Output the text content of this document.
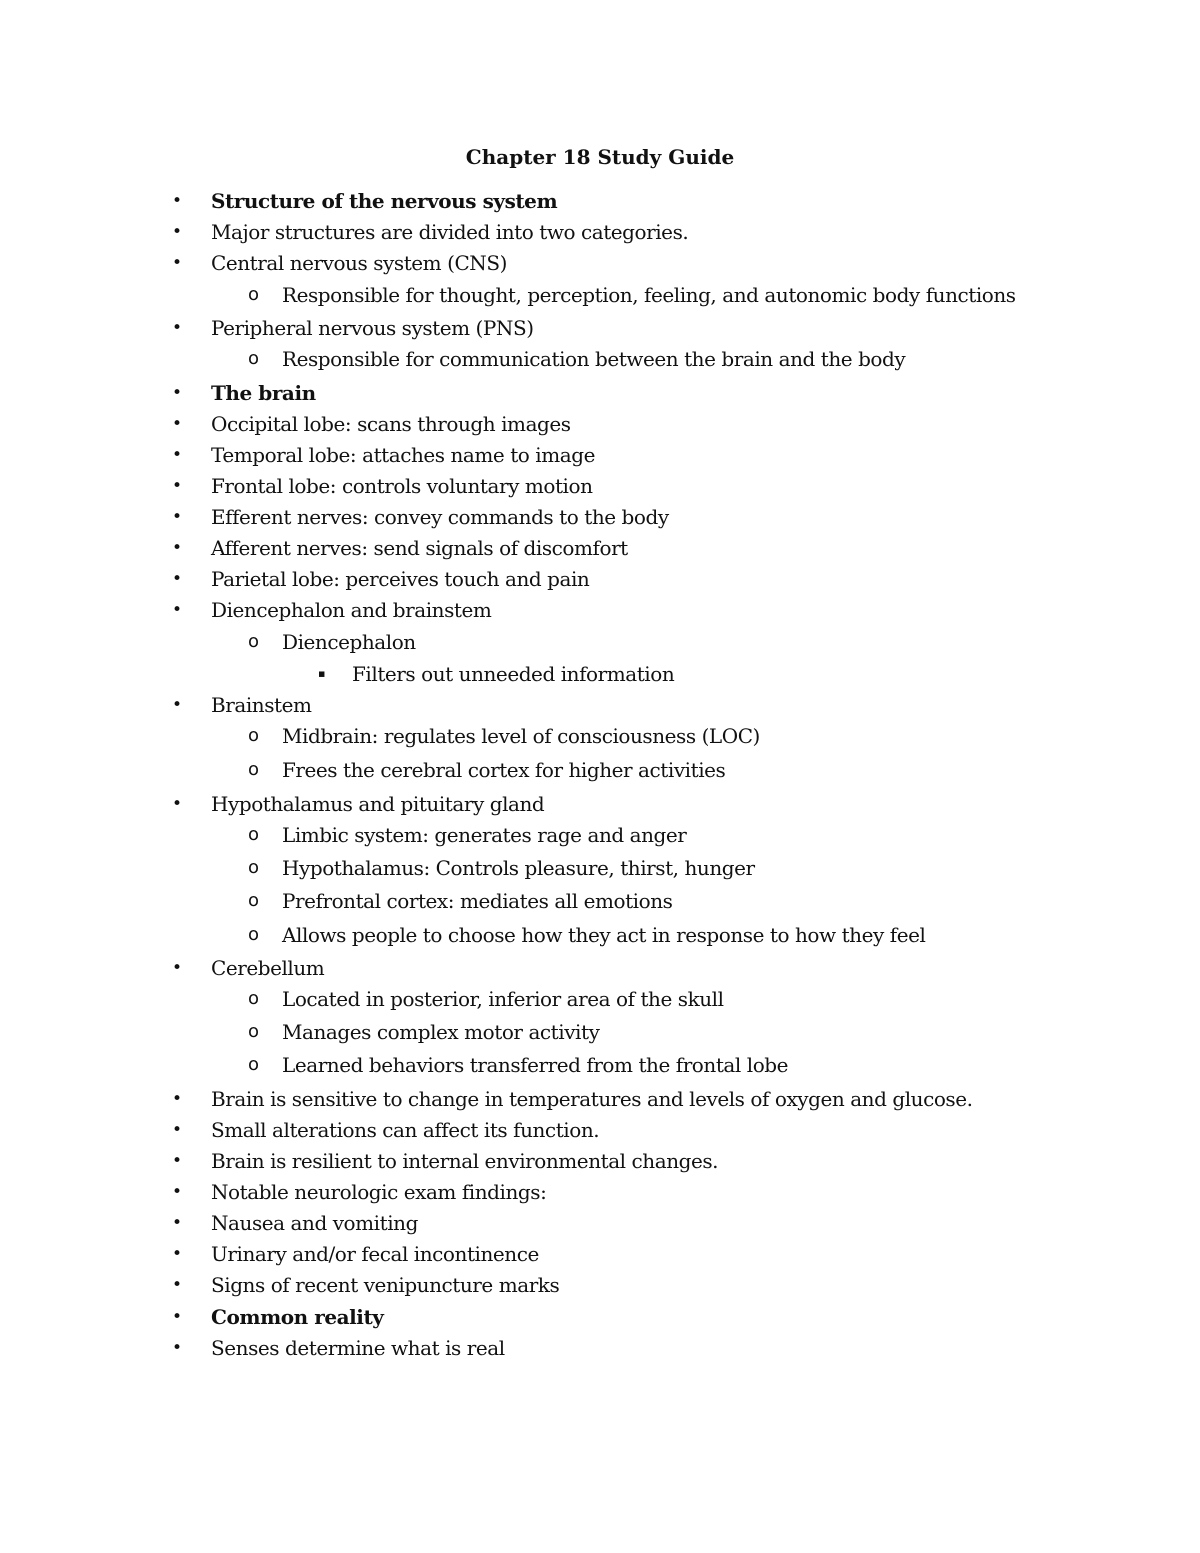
Chapter 18 Study Guide
• Structure of the nervous system
• Major structures are divided into two categories.
• Central nervous system (CNS)
o Responsible for thought, perception, feeling, and autonomic body functions
• Peripheral nervous system (PNS)
o Responsible for communication between the brain and the body
• The brain
• Occipital lobe: scans through images
• Temporal lobe: attaches name to image
• Frontal lobe: controls voluntary motion
• Efferent nerves: convey commands to the body
• Afferent nerves: send signals of discomfort
• Parietal lobe: perceives touch and pain
• Diencephalon and brainstem
o Diencephalon
▪ Filters out unneeded information
• Brainstem
o Midbrain: regulates level of consciousness (LOC)
o Frees the cerebral cortex for higher activities
• Hypothalamus and pituitary gland
o Limbic system: generates rage and anger
o Hypothalamus: Controls pleasure, thirst, hunger
o Prefrontal cortex: mediates all emotions
o Allows people to choose how they act in response to how they feel
• Cerebellum
o Located in posterior, inferior area of the skull
o Manages complex motor activity
o Learned behaviors transferred from the frontal lobe
• Brain is sensitive to change in temperatures and levels of oxygen and glucose.
• Small alterations can affect its function.
• Brain is resilient to internal environmental changes.
• Notable neurologic exam findings:
• Nausea and vomiting
• Urinary and/or fecal incontinence
• Signs of recent venipuncture marks
• Common reality
• Senses determine what is real
